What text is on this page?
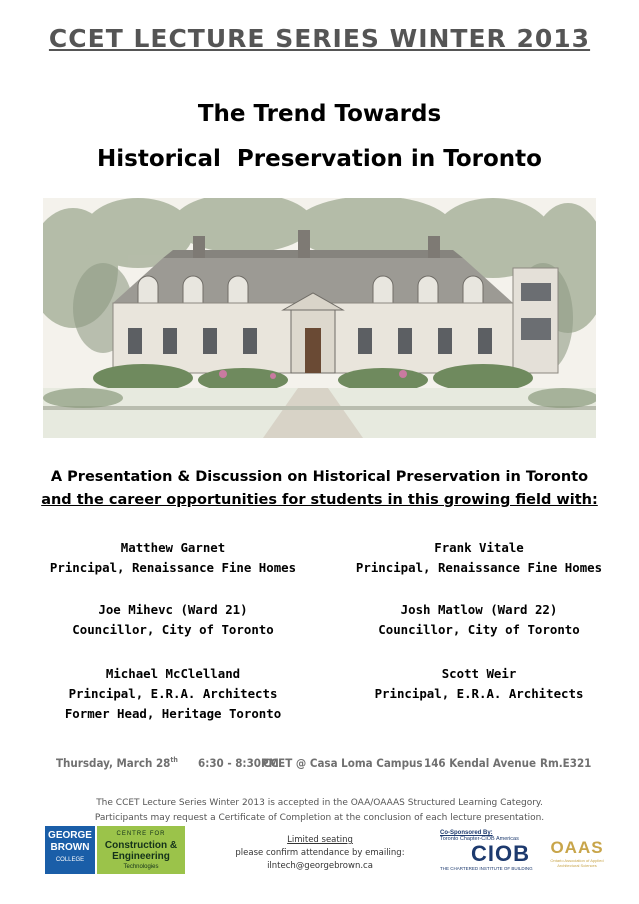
CCET LECTURE SERIES WINTER 2013
The Trend Towards
Historical  Preservation in Toronto
A Presentation & Discussion on Historical Preservation in Toronto
and the career opportunities for students in this growing field with:
Matthew Garnet
Principal, Renaissance Fine Homes
Joe Mihevc (Ward 21)
Councillor, City of Toronto
Michael McClelland
Principal, E.R.A. Architects
Former Head, Heritage Toronto
Frank Vitale
Principal, Renaissance Fine Homes
Josh Matlow (Ward 22)
Councillor, City of Toronto
Scott Weir
Principal, E.R.A. Architects
Thursday, March 28th 6:30 - 8:30PM
CCET @ Casa Loma Campus 146 Kendal Avenue Rm.E321
The CCET Lecture Series Winter 2013 is accepted in the OAA/OAAAS Structured Learning Category.
Participants may request a Certificate of Completion at the conclusion of each lecture presentation.
Limited seating
please confirm attendance by emailing: ilntech@georgebrown.ca
GEORGE
BROWN
COLLEGE
CENTRE FOR
Construction &
Engineering
Technologies
Co-Sponsored By:
Toronto Chapter-CIOB Americas
CIOB
THE CHARTERED INSTITUTE OF BUILDING
OAAS
Ontario Association of Applied Architectural Sciences
